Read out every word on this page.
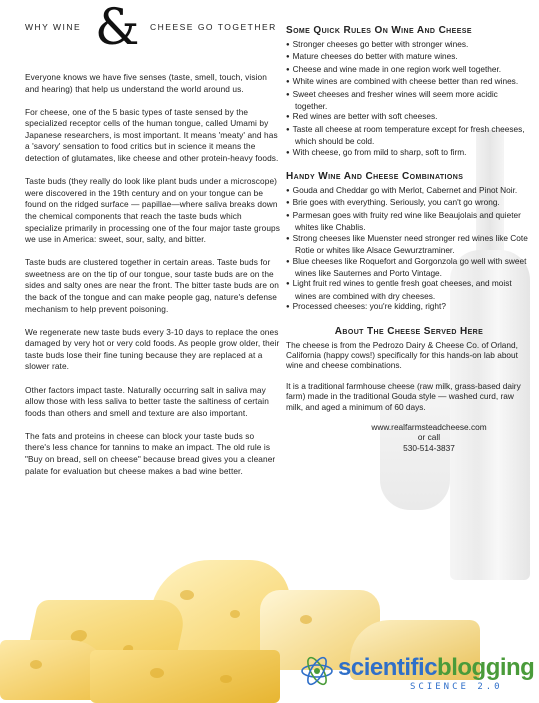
WHY WINE & CHEESE GO TOGETHER

Everyone knows we have five senses (taste, smell, touch, vision and hearing) that help us understand the world around us.

For cheese, one of the 5 basic types of taste sensed by the specialized receptor cells of the human tongue, called Umami by Japanese researchers, is most important. It means 'meaty' and has a 'savory' sensation to food critics but in science it means the detection of glutamates, like cheese and other protein-heavy foods.

Taste buds (they really do look like plant buds under a microscope) were discovered in the 19th century and on your tongue can be found on the ridged surface — papillae—where saliva breaks down the chemical components that reach the taste buds which specialize primarily in processing one of the four major taste groups we use in America: sweet, sour, salty, and bitter.

Taste buds are clustered together in certain areas. Taste buds for sweetness are on the tip of our tongue, sour taste buds are on the sides and salty ones are near the front. The bitter taste buds are on the back of the tongue and can make people gag, nature's defense mechanism to help prevent poisoning.

We regenerate new taste buds every 3-10 days to replace the ones damaged by very hot or very cold foods. As people grow older, their taste buds lose their fine tuning because they are replaced at a slower rate.

Other factors impact taste. Naturally occurring salt in saliva may allow those with less saliva to better taste the saltiness of certain foods than others and smell and texture are also important.

The fats and proteins in cheese can block your taste buds so there's less chance for tannins to make an impact. The old rule is "Buy on bread, sell on cheese" because bread gives you a cleaner palate for evaluation but cheese makes a bad wine better.

Some Quick Rules On Wine And Cheese
● Stronger cheeses go better with stronger wines.
● Mature cheeses do better with mature wines.
● Cheese and wine made in one region work well together.
● White wines are combined with cheese better than red wines.
● Sweet cheeses and fresher wines will seem more acidic together.
● Red wines are better with soft cheeses.
● Taste all cheese at room temperature except for fresh cheeses, which should be cold.
● With cheese, go from mild to sharp, soft to firm.
Handy Wine And Cheese Combinations
● Gouda and Cheddar go with Merlot, Cabernet and Pinot Noir.
● Brie goes with everything. Seriously, you can't go wrong.
● Parmesan goes with fruity red wine like Beaujolais and quieter whites like Chablis.
● Strong cheeses like Muenster need stronger red wines like Cote Rotie or whites like Alsace Gewurztraminer.
● Blue cheeses like Roquefort and Gorgonzola go well with sweet wines like Sauternes and Porto Vintage.
● Light fruit red wines to gentle fresh goat cheeses, and moist wines are combined with dry cheeses.
● Processed cheeses: you're kidding, right?
About The Cheese Served Here

The cheese is from the Pedrozo Dairy & Cheese Co. of Orland, California (happy cows!) specifically for this hands-on lab about wine and cheese combinations.

It is a traditional farmhouse cheese (raw milk, grass-based dairy farm) made in the traditional Gouda style — washed curd, raw milk, and aged a minimum of 60 days.

www.realfarmsteadcheese.com
or call
530-514-3837
scientificblogging
SCIENCE 2.0
